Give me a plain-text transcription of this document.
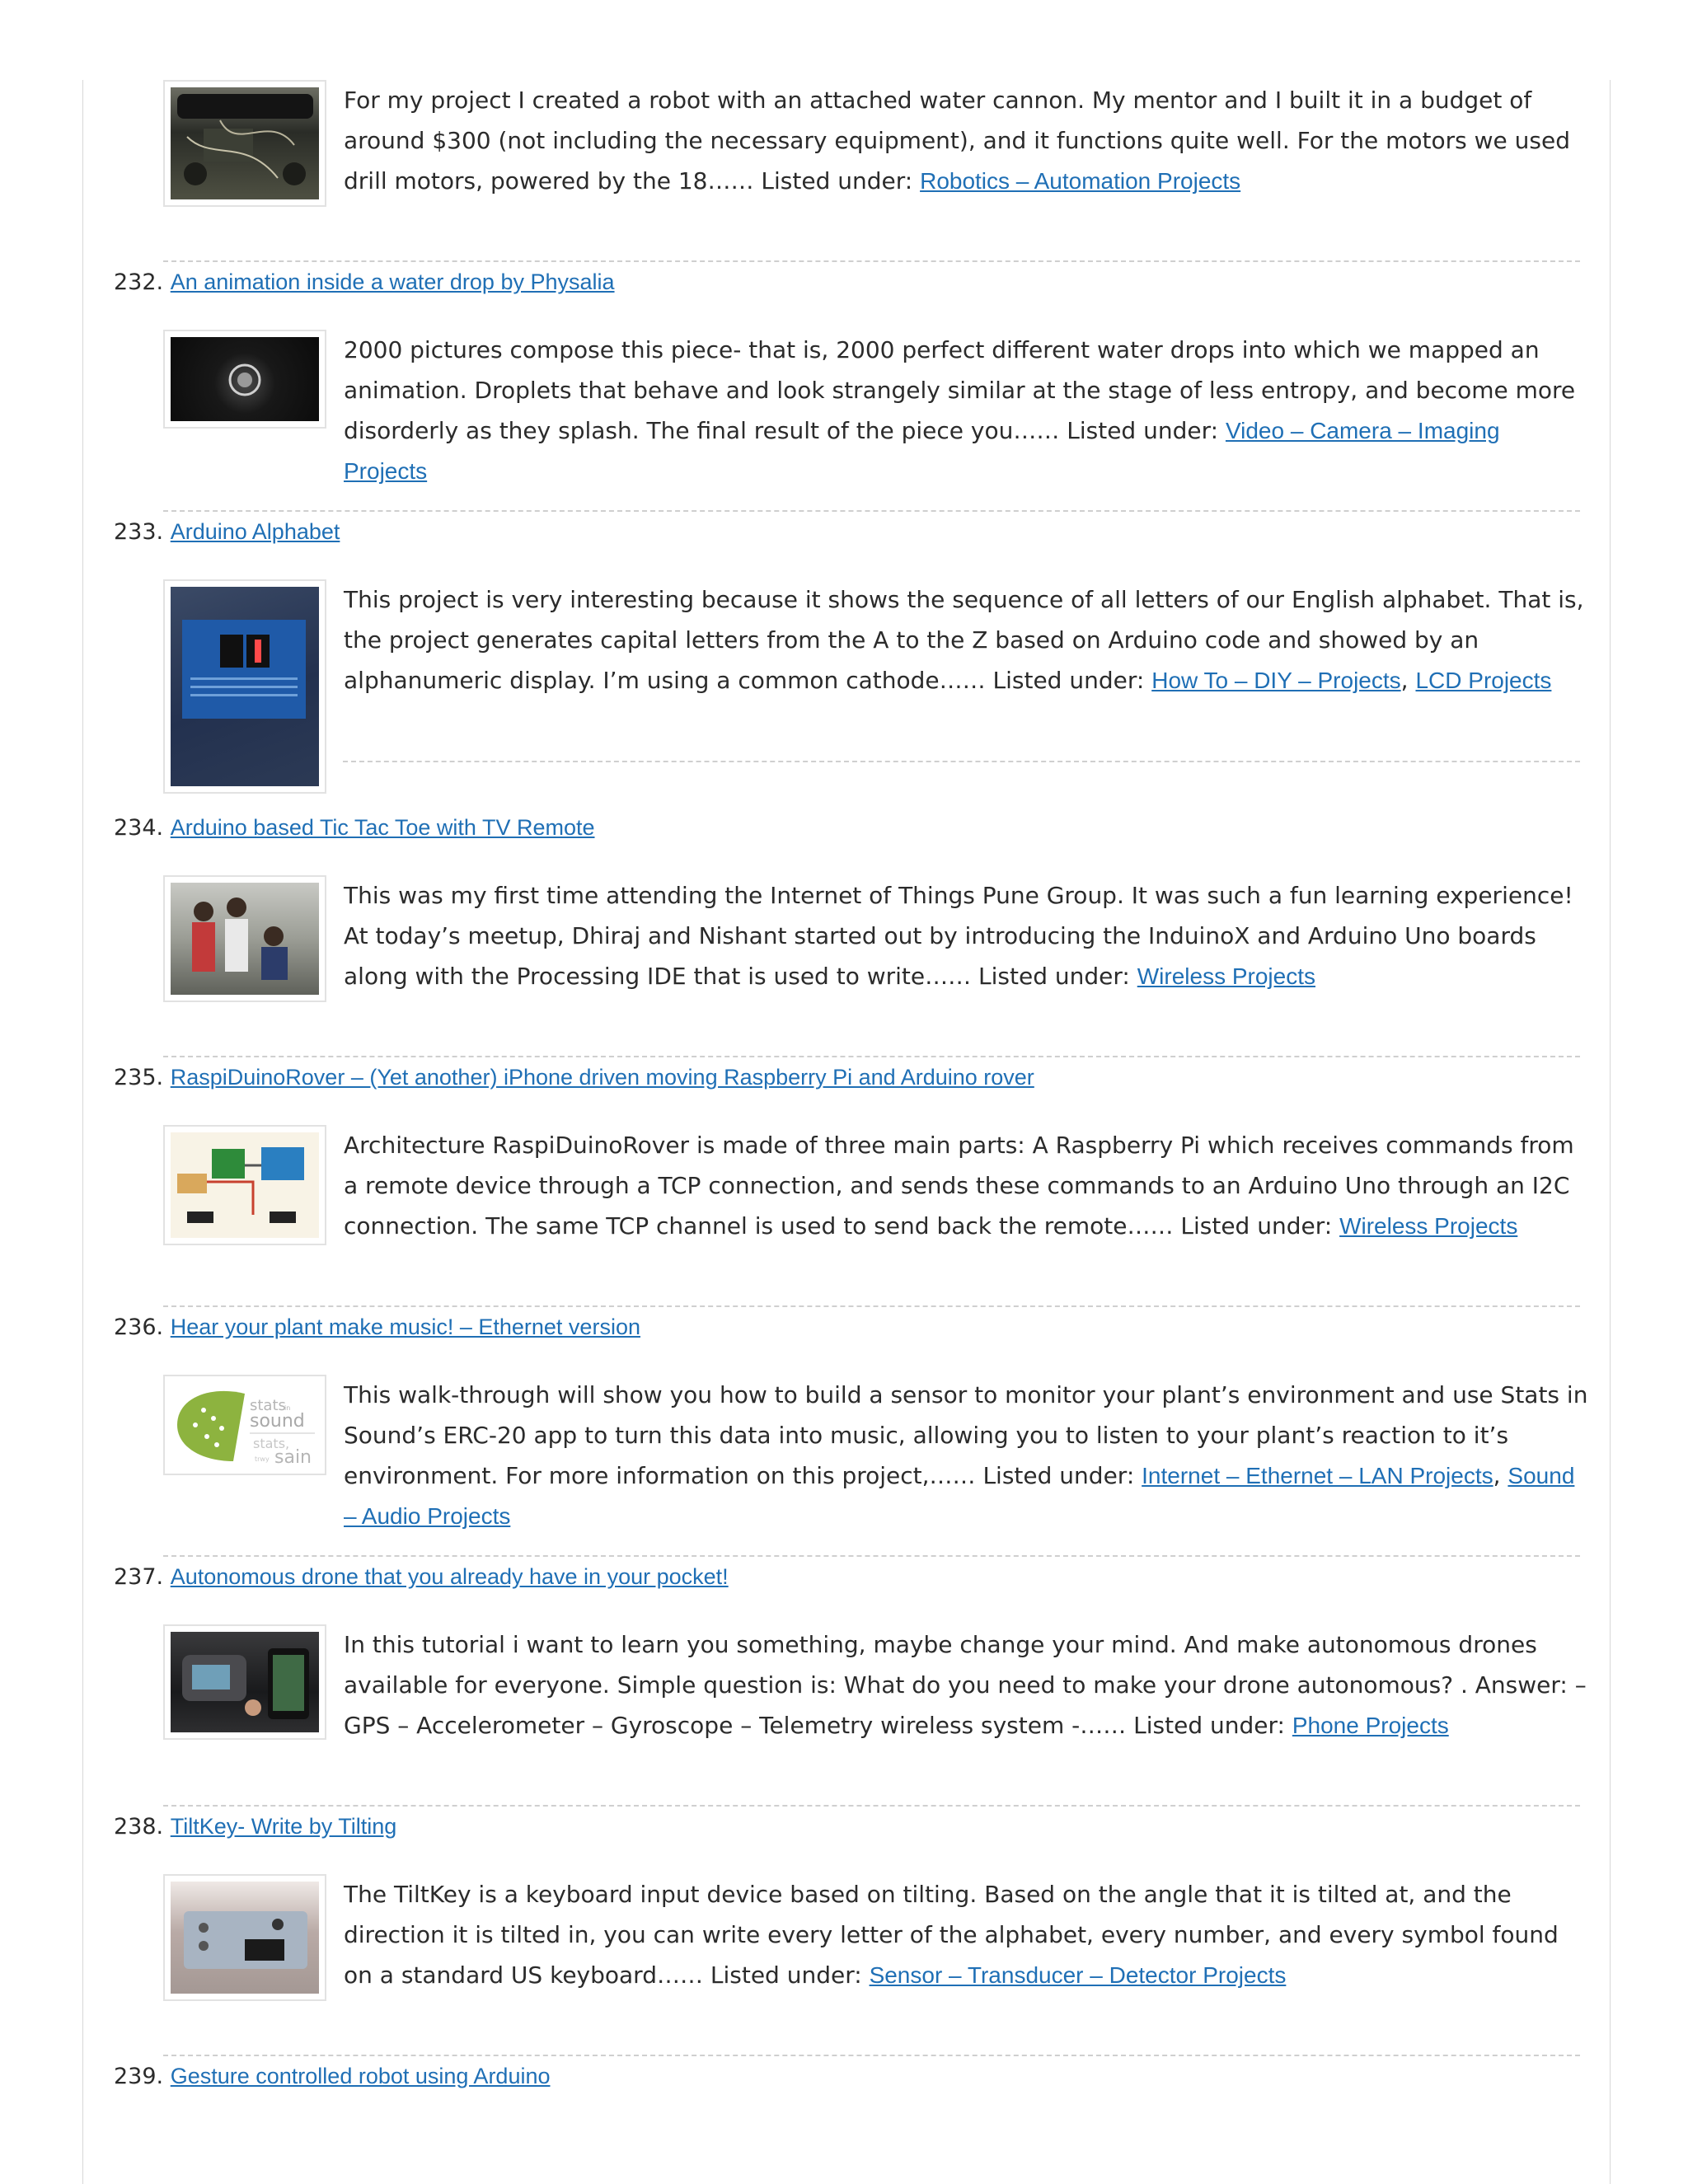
For my project I created a robot with an attached water cannon. My mentor and I built it in a budget of around $300 (not including the necessary equipment), and it functions quite well. For the motors we used drill motors, powered by the 18…… Listed under: Robotics – Automation Projects
232. An animation inside a water drop by Physalia
2000 pictures compose this piece- that is, 2000 perfect different water drops into which we mapped an animation. Droplets that behave and look strangely similar at the stage of less entropy, and become more disorderly as they splash. The final result of the piece you…… Listed under: Video – Camera – Imaging Projects
233. Arduino Alphabet
This project is very interesting because it shows the sequence of all letters of our English alphabet. That is, the project generates capital letters from the A to the Z based on Arduino code and showed by an alphanumeric display. I’m using a common cathode…… Listed under: How To – DIY – Projects, LCD Projects
234. Arduino based Tic Tac Toe with TV Remote
This was my first time attending the Internet of Things Pune Group. It was such a fun learning experience! At today’s meetup, Dhiraj and Nishant started out by introducing the InduinoX and Arduino Uno boards along with the Processing IDE that is used to write…… Listed under: Wireless Projects
235. RaspiDuinoRover – (Yet another) iPhone driven moving Raspberry Pi and Arduino rover
Architecture RaspiDuinoRover is made of three main parts: A Raspberry Pi which receives commands from a remote device through a TCP connection, and sends these commands to an Arduino Uno through an I2C connection. The same TCP channel is used to send back the remote…… Listed under: Wireless Projects
236. Hear your plant make music! – Ethernet version
stats
in
sound
stats,
trwy sain
This walk-through will show you how to build a sensor to monitor your plant’s environment and use Stats in Sound’s ERC-20 app to turn this data into music, allowing you to listen to your plant’s reaction to it’s environment. For more information on this project,…… Listed under: Internet – Ethernet – LAN Projects, Sound – Audio Projects
237. Autonomous drone that you already have in your pocket!
In this tutorial i want to learn you something, maybe change your mind. And make autonomous drones available for everyone. Simple question is: What do you need to make your drone autonomous? . Answer: – GPS – Accelerometer – Gyroscope – Telemetry wireless system -…… Listed under: Phone Projects
238. TiltKey- Write by Tilting
The TiltKey is a keyboard input device based on tilting. Based on the angle that it is tilted at, and the direction it is tilted in, you can write every letter of the alphabet, every number, and every symbol found on a standard US keyboard…… Listed under: Sensor – Transducer – Detector Projects
239. Gesture controlled robot using Arduino
